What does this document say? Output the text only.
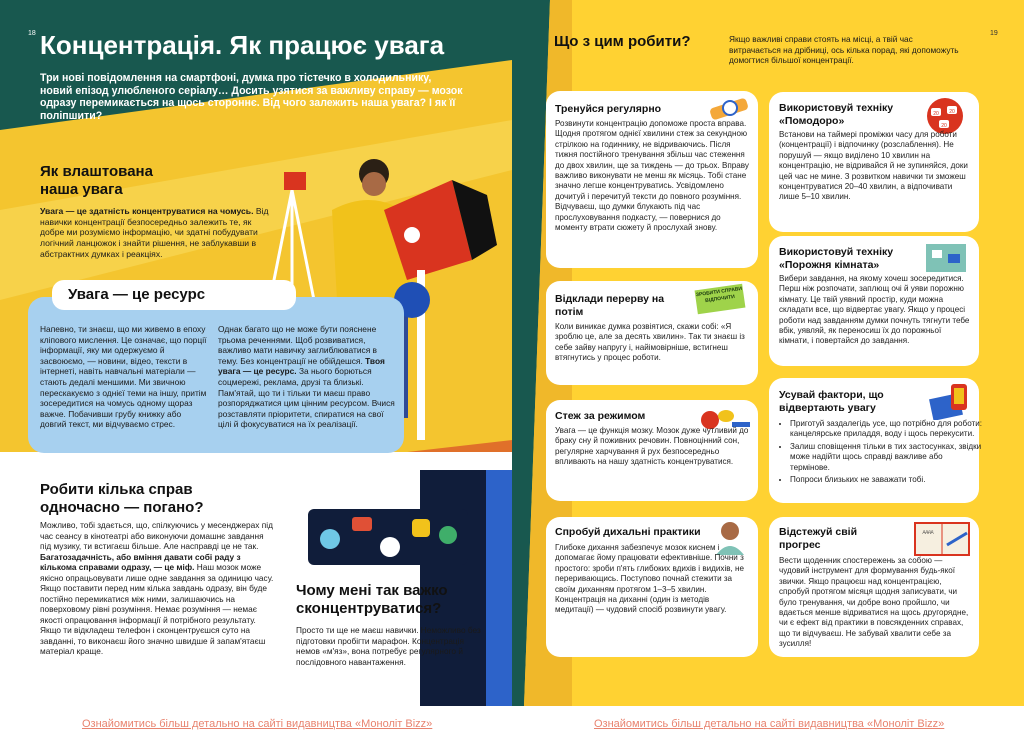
18 Концентрація. Як працює увага
Три нові повідомлення на смартфоні, думка про тістечко в холодильнику, новий епізод улюбленого серіалу… Досить узятися за важливу справу — мозок одразу перемикається на щось стороннє. Від чого залежить наша увага? І як її поліпшити?
Як влаштована наша увага
Увага — це здатність концентруватися на чомусь. Від навички концентрації безпосередньо залежить те, як добре ми розуміємо інформацію, чи здатні побудувати логічний ланцюжок і знайти рішення, не заблукавши в абстрактних думках і реакціях.
Увага — це ресурс
Напевно, ти знаєш, що ми живемо в епоху кліпового мислення. Це означає, що порції інформації, яку ми одержуємо й засвоюємо, — новини, відео, тексти в інтернеті, навіть навчальні матеріали — стають дедалі меншими. Ми звичною перескакуємо з однієї теми на іншу, притім зосередитися на чомусь одному щораз важче. Побачивши грубу книжку або довгий текст, ми відчуваємо стрес.
Однак багато що не може бути пояснене трьома реченнями. Щоб розвиватися, важливо мати навичку заглиблюватися в тему. Без концентрації не обійдешся. Твоя увага — це ресурс. За нього борються соцмережі, реклама, друзі та близькі. Пам'ятай, що ти і тільки ти маєш право розпоряджатися цим цінним ресурсом. Вчися розставляти пріоритети, спиратися на свої цілі й фокусуватися на їх реалізації.
Робити кілька справ одночасно — погано?
Можливо, тобі здається, що, спілкуючись у месенджерах під час сеансу в кінотеатрі або виконуючи домашнє завдання під музику, ти встигаєш більше. Але насправді це не так. Багатозадачність, або вміння давати собі раду з кількома справами одразу, — це міф. Наш мозок може якісно опрацьовувати лише одне завдання за одиницю часу. Якщо поставити перед ним кілька завдань одразу, він буде постійно перемикатися між ними, залишаючись на поверховому рівні розуміння. Немає розуміння — немає якості опрацювання інформації й потрібного результату. Якщо ти відкладеш телефон і сконцентруєшся суто на завданні, то виконаєш його значно швидше й запам'ятаєш матеріал краще.
Чому мені так важко сконцентруватися?
Просто ти ще не маєш навички. Неможливо без підготовки пробігти марафон. Концентрація немов «м'яз», вона потребує регулярного й послідовного навантаження.
19
Що з цим робити?	Якщо важливі справи стоять на місці, а твій час витрачається на дрібниці, ось кілька порад, які допоможуть домогтися більшої концентрації.
Тренуйся регулярно

Розвинути концентрацію допоможе проста вправа. Щодня протягом однієї хвилини стеж за секундною стрілкою на годиннику, не відриваючись. Після тижня постійного тренування збільш час стеження до двох хвилин, ще за тиждень — до трьох. Вправу важливо виконувати не менш як місяць. Тобі стане значно легше концентруватись. Усвідомлено дочитуй і перечитуй тексти до повного розуміння. Відчуваєш, що думки блукають під час прослуховування подкасту, — повернися до моменту втрати сюжету й прослухай знову.

Використовуй техніку «Помодоро»
20 20
20

Встанови на таймері проміжки часу для роботи (концентрації) і відпочинку (розслаблення). Не порушуй — якщо виділено 10 хвилин на концентрацію, не відривайся й не зупиняйся, доки цей час не мине. З розвитком навички ти зможеш концентруватися 20–40 хвилин, а відпочивати лише 5–10 хвилин.

Відклади перерву на потім
ЗРОБИТИ СПРАВИ ВІДПОЧИТИ

Коли виникає думка розвіятися, скажи собі: «Я зроблю це, але за десять хвилин». Так ти знаєш із себе зайву напругу і, найімовірніше, встигнеш втягнутись у процес роботи.

Використовуй техніку «Порожня кімната»

Вибери завдання, на якому хочеш зосередитися. Перш ніж розпочати, заплющ очі й уяви порожню кімнату. Це твій уявний простір, куди можна складати все, що відвертає увагу. Якщо у процесі роботи над завданням думки почнуть тягнути тебе вбік, уявляй, як переносиш їх до порожньої кімнати, і повертайся до завдання.

Стеж за режимом

Увага — це функція мозку. Мозок дуже чутливий до браку сну й поживних речовин. Повноцінний сон, регулярне харчування й рух безпосередньо впливають на нашу здатність концентруватися.

Усувай фактори, що відвертають увагу
• Приготуй заздалегідь усе, що потрібно для роботи: канцелярське приладдя, воду і щось перекусити.
• Залиш сповіщення тільки в тих застосунках, звідки може надійти щось справді важливе або термінове.
• Попроси близьких не заважати тобі.
Спробуй дихальні практики

Глибоке дихання забезпечує мозок киснем і допомагає йому працювати ефективніше. Почни з простого: зроби п'ять глибоких вдихів і видихів, не переривающись. Поступово почнай стежити за своїм диханням протягом 1–3–5 хвилин. Концентрація на диханні (один із методів медитації) — чудовий спосіб розвинути увагу.

Відстежуй свій прогрес
ДДДД

Вести щоденник спостережень за собою — чудовий інструмент для формування будь-якої звички. Якщо працюєш над концентрацією, спробуй протягом місяця щодня записувати, чи було тренування, чи добре воно пройшло, чи вдається менше відриватися на щось другорядне, чи є ефект від практики в повсякденних справах, що ти відчуваєш. Не забувай хвалити себе за зусилля!

Ознайомитись більш детально на сайті видавництва «Моноліт Bizz»	Ознайомитись більш детально на сайті видавництва «Моноліт Bizz»
